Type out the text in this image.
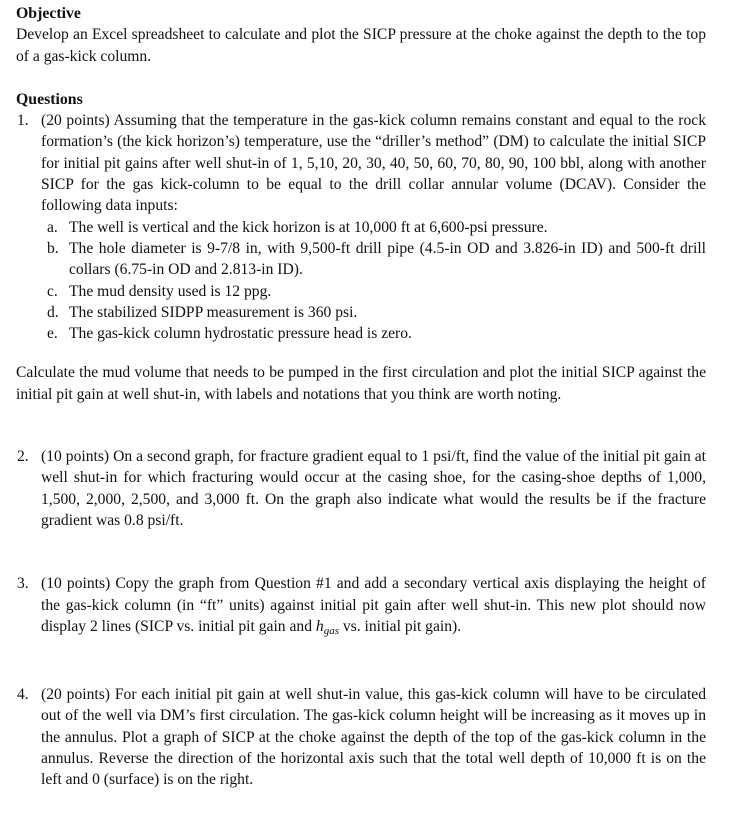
Objective

Develop an Excel spreadsheet to calculate and plot the SICP pressure at the choke against the depth to the top of a gas-kick column.

Questions
1. (20 points) Assuming that the temperature in the gas-kick column remains constant and equal to the rock formation’s (the kick horizon’s) temperature, use the “driller’s method” (DM) to calculate the initial SICP for initial pit gains after well shut-in of 1, 5,10, 20, 30, 40, 50, 60, 70, 80, 90, 100 bbl, along with another SICP for the gas kick-column to be equal to the drill collar annular volume (DCAV). Consider the following data inputs:
a. The well is vertical and the kick horizon is at 10,000 ft at 6,600-psi pressure.
b. The hole diameter is 9-7/8 in, with 9,500-ft drill pipe (4.5-in OD and 3.826-in ID) and 500-ft drill collars (6.75-in OD and 2.813-in ID).
c. The mud density used is 12 ppg.
d. The stabilized SIDPP measurement is 360 psi.
e. The gas-kick column hydrostatic pressure head is zero.

Calculate the mud volume that needs to be pumped in the first circulation and plot the initial SICP against the initial pit gain at well shut-in, with labels and notations that you think are worth noting.

2. (10 points) On a second graph, for fracture gradient equal to 1 psi/ft, find the value of the initial pit gain at well shut-in for which fracturing would occur at the casing shoe, for the casing-shoe depths of 1,000, 1,500, 2,000, 2,500, and 3,000 ft. On the graph also indicate what would the results be if the fracture gradient was 0.8 psi/ft.
3. (10 points) Copy the graph from Question #1 and add a secondary vertical axis displaying the height of the gas-kick column (in “ft” units) against initial pit gain after well shut-in. This new plot should now display 2 lines (SICP vs. initial pit gain and $h_{gas}$ vs. initial pit gain).
4. (20 points) For each initial pit gain at well shut-in value, this gas-kick column will have to be circulated out of the well via DM’s first circulation. The gas-kick column height will be increasing as it moves up in the annulus. Plot a graph of SICP at the choke against the depth of the top of the gas-kick column in the annulus. Reverse the direction of the horizontal axis such that the total well depth of 10,000 ft is on the left and 0 (surface) is on the right.
